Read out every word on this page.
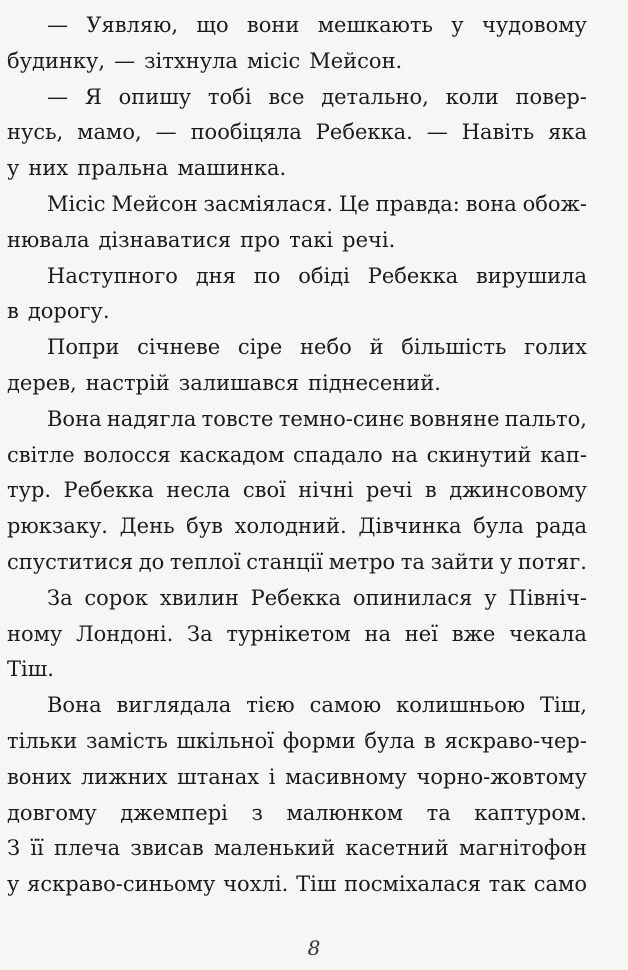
— Уявляю, що вони мешкають у чудовому
будинку, — зітхнула місіс Мейсон.
— Я опишу тобі все детально, коли повер-
нусь, мамо, — пообіцяла Ребекка. — Навіть яка
у них пральна машинка.
Місіс Мейсон засміялася. Це правда: вона обож-
нювала дізнаватися про такі речі.
Наступного дня по обіді Ребекка вирушила
в дорогу.
Попри січневе сіре небо й більшість голих
дерев, настрій залишався піднесений.
Вона надягла товсте темно-синє вовняне пальто,
світле волосся каскадом спадало на скинутий кап-
тур. Ребекка несла свої нічні речі в джинсовому
рюкзаку. День був холодний. Дівчинка була рада
спуститися до теплої станції метро та зайти у потяг.
За сорок хвилин Ребекка опинилася у Північ-
ному Лондоні. За турнікетом на неї вже чекала
Тіш.
Вона виглядала тією самою колишньою Тіш,
тільки замість шкільної форми була в яскраво-чер-
воних лижних штанах і масивному чорно-жовтому
довгому джемпері з малюнком та каптуром.
З її плеча звисав маленький касетний магнітофон
у яскраво-синьому чохлі. Тіш посміхалася так само
8
